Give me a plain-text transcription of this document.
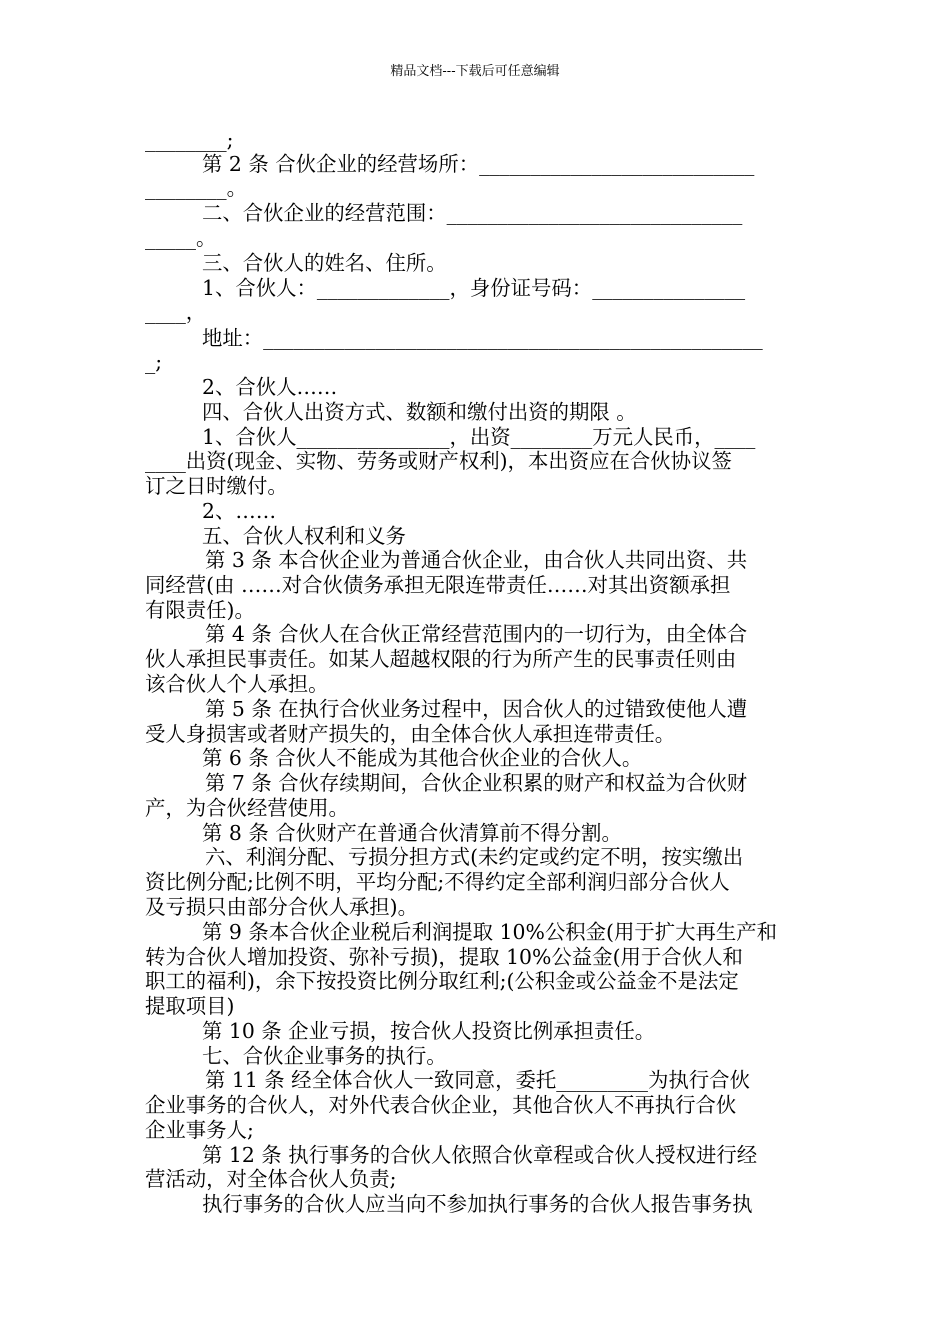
精品文档---下载后可任意编辑
________;
第 2 条 合伙企业的经营场所：___________________________
________。
二、合伙企业的经营范围：_____________________________
_____。
三、合伙人的姓名、住所。
1、合伙人：_____________，身份证号码：_______________
____，
地址：_________________________________________________
_;
2、合伙人……
四、合伙人出资方式、数额和缴付出资的期限 。
1、合伙人_______________，出资________万元人民币，____
____出资(现金、实物、劳务或财产权利)，本出资应在合伙协议签
订之日时缴付。
2、……
五、合伙人权利和义务
第 3 条 本合伙企业为普通合伙企业，由合伙人共同出资、共
同经营(由 ……对合伙债务承担无限连带责任……对其出资额承担
有限责任)。
第 4 条 合伙人在合伙正常经营范围内的一切行为，由全体合
伙人承担民事责任。如某人超越权限的行为所产生的民事责任则由
该合伙人个人承担。
第 5 条 在执行合伙业务过程中，因合伙人的过错致使他人遭
受人身损害或者财产损失的，由全体合伙人承担连带责任。
第 6 条 合伙人不能成为其他合伙企业的合伙人。
第 7 条 合伙存续期间，合伙企业积累的财产和权益为合伙财
产，为合伙经营使用。
第 8 条 合伙财产在普通合伙清算前不得分割。
六、利润分配、亏损分担方式(未约定或约定不明，按实缴出
资比例分配;比例不明，平均分配;不得约定全部利润归部分合伙人
及亏损只由部分合伙人承担)。
第 9 条本合伙企业税后利润提取 10%公积金(用于扩大再生产和
转为合伙人增加投资、弥补亏损)，提取 10%公益金(用于合伙人和
职工的福利)，余下按投资比例分取红利;(公积金或公益金不是法定
提取项目)
第 10 条 企业亏损，按合伙人投资比例承担责任。
七、合伙企业事务的执行。
第 11 条 经全体合伙人一致同意，委托_________为执行合伙
企业事务的合伙人，对外代表合伙企业，其他合伙人不再执行合伙
企业事务人;
第 12 条 执行事务的合伙人依照合伙章程或合伙人授权进行经
营活动，对全体合伙人负责;
执行事务的合伙人应当向不参加执行事务的合伙人报告事务执
